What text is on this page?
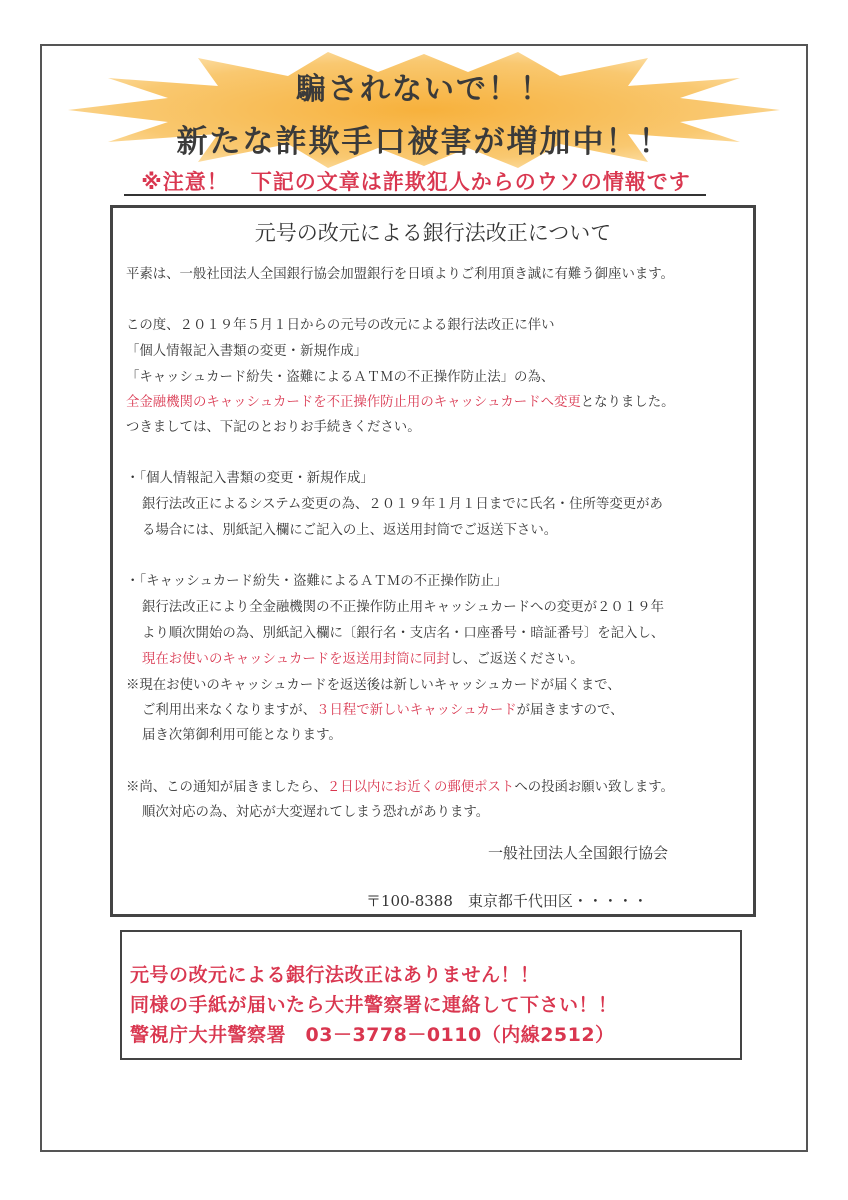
騙されないで！！
新たな詐欺手口被害が増加中！！
※注意！　下記の文章は詐欺犯人からのウソの情報です
元号の改元による銀行法改正について
平素は、一般社団法人全国銀行協会加盟銀行を日頃よりご利用頂き誠に有難う御座います。
この度、２０１９年５月１日からの元号の改元による銀行法改正に伴い
「個人情報記入書類の変更・新規作成」
「キャッシュカード紛失・盗難によるＡＴＭの不正操作防止法」の為、
全金融機関のキャッシュカードを不正操作防止用のキャッシュカードへ変更となりました。
つきましては、下記のとおりお手続きください。
・「個人情報記入書類の変更・新規作成」
銀行法改正によるシステム変更の為、２０１９年１月１日までに氏名・住所等変更があ
る場合には、別紙記入欄にご記入の上、返送用封筒でご返送下さい。
・「キャッシュカード紛失・盗難によるＡＴＭの不正操作防止」
銀行法改正により全金融機関の不正操作防止用キャッシュカードへの変更が２０１９年
より順次開始の為、別紙記入欄に〔銀行名・支店名・口座番号・暗証番号〕を記入し、
現在お使いのキャッシュカードを返送用封筒に同封し、ご返送ください。
※現在お使いのキャッシュカードを返送後は新しいキャッシュカードが届くまで、
ご利用出来なくなりますが、３日程で新しいキャッシュカードが届きますので、
届き次第御利用可能となります。
※尚、この通知が届きましたら、２日以内にお近くの郵便ポストへの投函お願い致します。
順次対応の為、対応が大変遅れてしまう恐れがあります。
一般社団法人全国銀行協会
〒100-8388　東京都千代田区・・・・・
元号の改元による銀行法改正はありません！！
同様の手紙が届いたら大井警察署に連絡して下さい！！
警視庁大井警察署　03－3778－0110（内線2512）
